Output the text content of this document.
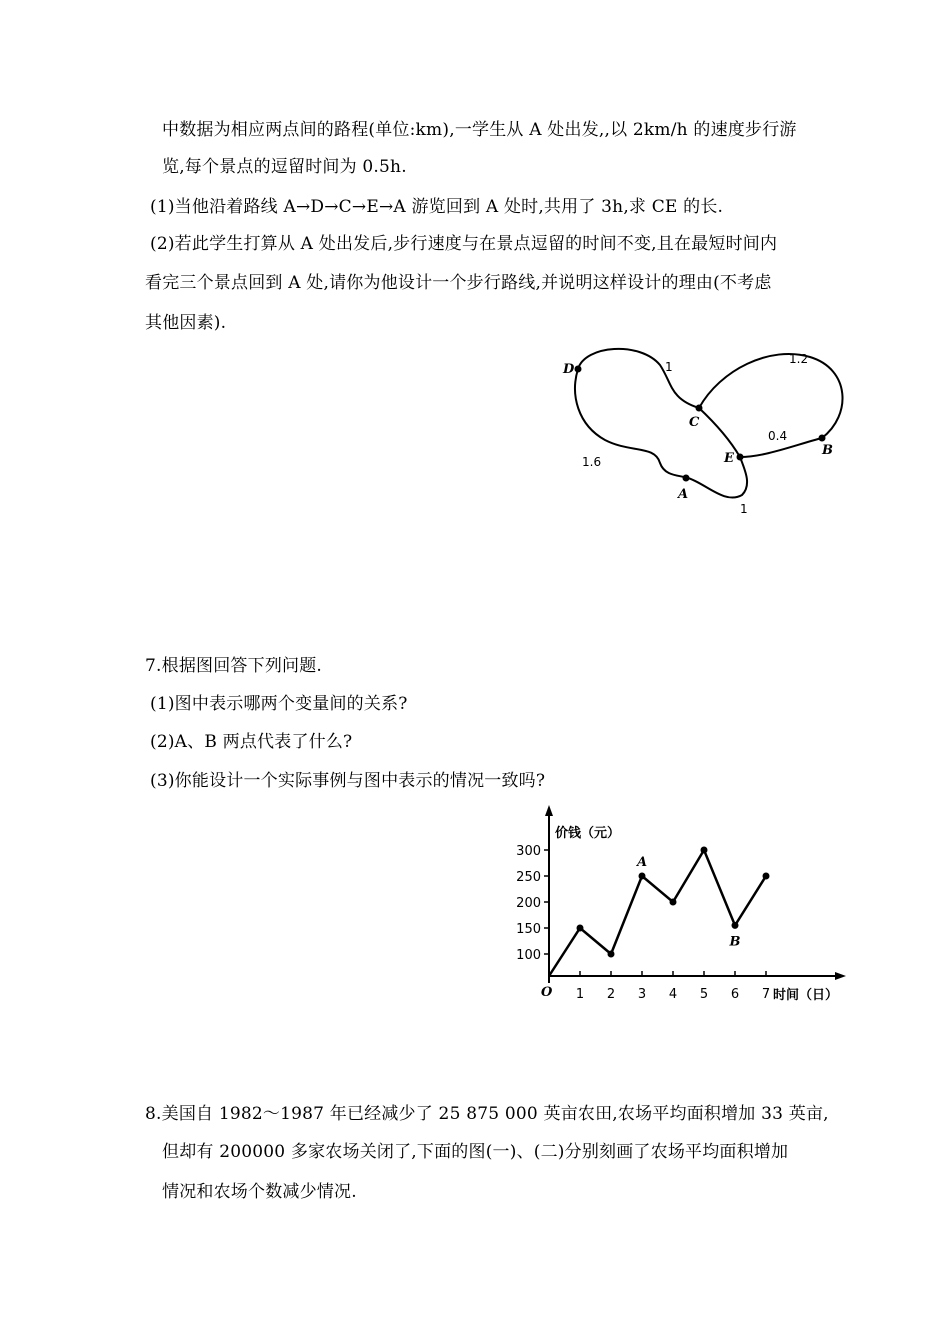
中数据为相应两点间的路程(单位:km),一学生从 A 处出发,,以 2km/h 的速度步行游
览,每个景点的逗留时间为 0.5h.
(1)当他沿着路线 A→D→C→E→A 游览回到 A 处时,共用了 3h,求 CE 的长.
(2)若此学生打算从 A 处出发后,步行速度与在景点逗留的时间不变,且在最短时间内
看完三个景点回到 A 处,请你为他设计一个步行路线,并说明这样设计的理由(不考虑
其他因素).
D
C
E
B
A
1
1.2
0.4
1.6
1
7.根据图回答下列问题.
(1)图中表示哪两个变量间的关系?
(2)A、B 两点代表了什么?
(3)你能设计一个实际事例与图中表示的情况一致吗?
价钱（元）
时间（日）
O
100
150
200
250
300
1 2 3 4 5 6 7
A
B
8.美国自 1982～1987 年已经减少了 25 875 000 英亩农田,农场平均面积增加 33 英亩,
但却有 200000 多家农场关闭了,下面的图(一)、(二)分别刻画了农场平均面积增加
情况和农场个数减少情况.
